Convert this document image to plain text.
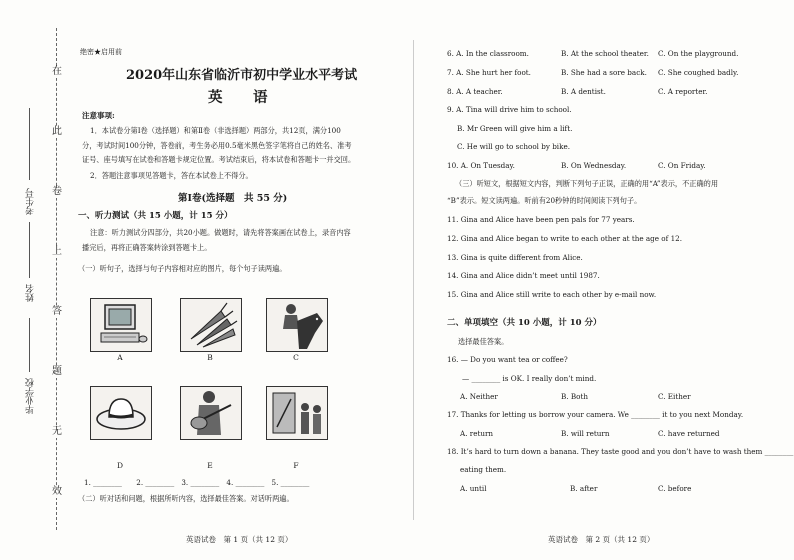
在
此
卷
上
答
题
无
效
考生号
姓名
毕业学校
绝密★启用前
2020年山东省临沂市初中学业水平考试
英　语
注意事项:
1．本试卷分第Ⅰ卷（选择题）和第Ⅱ卷（非选择题）两部分，共12页，满分100
分，考试时间100分钟，答卷前，考生务必用0.5毫米黑色签字笔将自己的姓名、准考
证号、座号填写在试卷和答题卡规定位置。考试结束后，将本试卷和答题卡一并交回。
2．答题注意事项见答题卡，答在本试卷上不得分。
第Ⅰ卷(选择题　共 55 分)
一、听力测试（共 15 小题，计 15 分）
注意：听力测试分四部分，共20小题。做题时，请先将答案画在试卷上，录音内容
播完后，再将正确答案转涂到答题卡上。
（一）听句子，选择与句子内容相对应的图片，每个句子读两遍。
A	B	C
D	E	F
1. ________　　2. ________　3. ________　4. ________　5. ________
（二）听对话和问题，根据所听内容，选择最佳答案。对话听两遍。
英语试卷　第 1 页（共 12 页）
6. A. In the classroom.	B. At the school theater. C. On the playground.
7. A. She hurt her foot.	B. She had a sore back. C. She coughed badly.
8. A. A teacher.	B. A dentist.	C. A reporter.
9. A. Tina will drive him to school.
B. Mr Green will give him a lift.
C. He will go to school by bike.
10. A. On Tuesday.	B. On Wednesday.	C. On Friday.
（三）听短文，根据短文内容，判断下列句子正误，正确的用“A”表示，不正确的用
“B”表示。短文读两遍。听前有20秒钟的时间阅读下列句子。
11. Gina and Alice have been pen pals for 77 years.
12. Gina and Alice began to write to each other at the age of 12.
13. Gina is quite different from Alice.
14. Gina and Alice didn’t meet until 1987.
15. Gina and Alice still write to each other by e-mail now.
二、单项填空（共 10 小题，计 10 分）
选择最佳答案。
16. — Do you want tea or coffee?
— ________ is OK. I really don’t mind.
A. Neither	B. Both	C. Either
17. Thanks for letting us borrow your camera. We ________ it to you next Monday.
A. return	B. will return	C. have returned
18. It’s hard to turn down a banana. They taste good and you don’t have to wash them ________
eating them.
A. until	B. after	C. before
英语试卷　第 2 页（共 12 页）
